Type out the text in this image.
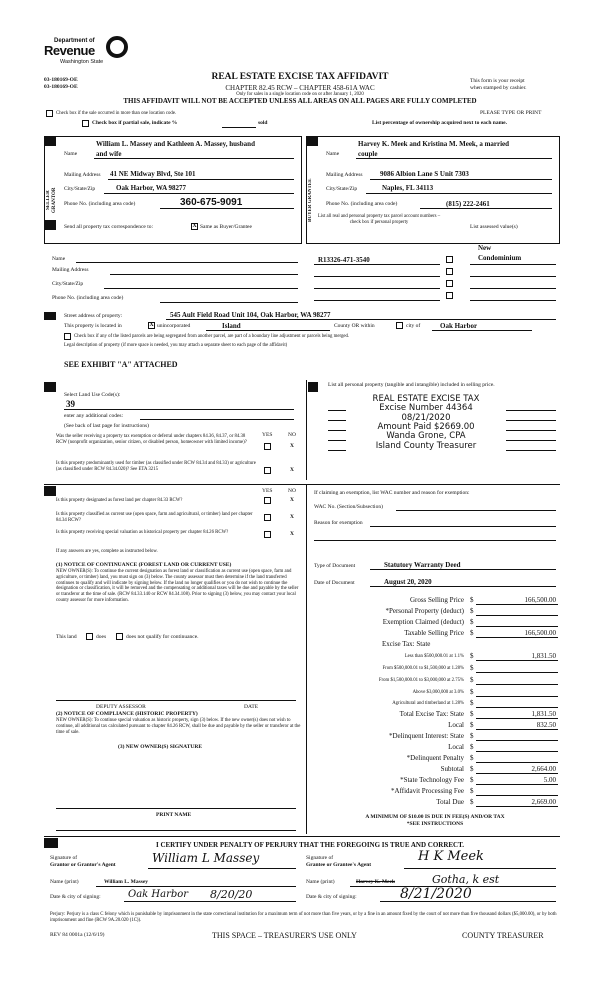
Department of
Revenue
Washington State
03-180169-OE
03-180169-OE
REAL ESTATE EXCISE TAX AFFIDAVIT
CHAPTER 82.45 RCW – CHAPTER 458-61A WAC
Only for sales in a single location code on or after January 1, 2020
THIS AFFIDAVIT WILL NOT BE ACCEPTED UNLESS ALL AREAS ON ALL PAGES ARE FULLY COMPLETED
This form is your receipt
when stamped by cashier.
Check box if the sale occurred in more than one location code.	PLEASE TYPE OR PRINT
Check box if partial sale, indicate %	sold	List percentage of ownership acquired next to each name.
SELLER GRANTOR	BUYER GRANTEE
Name
William L. Massey and Kathleen A. Massey, husband
and wife
Mailing Address 41 NE Midway Blvd, Ste 101
City/State/Zip	Oak Harbor, WA 98277
Phone No. (including area code)	360-675-9091
Name
Harvey K. Meek and Kristina M. Meek, a married
couple
Mailing Address 9086 Albion Lane S Unit 7303
City/State/Zip	Naples, FL 34113
Phone No. (including area code)	(815) 222-2461
Send all property tax correspondence to:	X Same as Buyer/Grantee
List all real and personal property tax parcel account numbers – check box if personal property
List assessed value(s)
Name
Mailing Address
City/State/Zip
Phone No. (including area code)
R13326-471-3540
New
Condominium
Street address of property:	545 Ault Field Road Unit 104, Oak Harbor, WA 98277
This property is located in	X unincorporated	Island	County OR within	city of	Oak Harbor
Check box if any of the listed parcels are being segregated from another parcel, are part of a boundary line adjustment or parcels being merged.
Legal description of property (if more space is needed, you may attach a separate sheet to each page of the affidavit)
SEE EXHIBIT "A" ATTACHED
Select Land Use Code(s):
39
enter any additional codes:
(See back of last page for instructions)
YES	NO
Was the seller receiving a property tax exemption or deferral under chapters 84.36, 84.37, or 84.38 RCW (nonprofit organization, senior citizen, or disabled person, homeowner with limited income)?
X
Is this property predominantly used for timber (as classified under RCW 84.34 and 84.33) or agriculture (as classified under RCW 84.34.020)? See ETA 3215	X
List all personal property (tangible and intangible) included in selling price.
REAL ESTATE EXCISE TAX
Excise Number 44364
08/21/2020
Amount Paid $2669.00
Wanda Grone, CPA
Island County Treasurer
YES	NO
Is this property designated as forest land per chapter 84.33 RCW?	X
Is this property classified as current use (open space, farm and agricultural, or timber) land per chapter 84.34 RCW?
X
Is this property receiving special valuation as historical property per chapter 84.26 RCW?	X
If any answers are yes, complete as instructed below.
(1) NOTICE OF CONTINUANCE (FOREST LAND OR CURRENT USE)
NEW OWNER(S): To continue the current designation as forest land or classification as current use (open space, farm and agriculture, or timber) land, you must sign on (3) below. The county assessor must then determine if the land transferred continues to qualify and will indicate by signing below. If the land no longer qualifies or you do not wish to continue the designation or classification, it will be removed and the compensating or additional taxes will be due and payable by the seller or transferor at the time of sale. (RCW 84.33.140 or RCW 84.34.108). Prior to signing (3) below, you may contact your local county assessor for more information.
This land	does	does not qualify for continuance.
DEPUTY ASSESSOR	DATE
(2) NOTICE OF COMPLIANCE (HISTORIC PROPERTY)
NEW OWNER(S): To continue special valuation as historic property, sign (3) below. If the new owner(s) does not wish to continue, all additional tax calculated pursuant to chapter 84.26 RCW, shall be due and payable by the seller or transferor at the time of sale.
(3) NEW OWNER(S) SIGNATURE
PRINT NAME
If claiming an exemption, list WAC number and reason for exemption:
WAC No. (Section/Subsection)
Reason for exemption
Type of Document	Statutory Warranty Deed
Date of Document	August 20, 2020
Gross Selling Price $	166,500.00
*Personal Property (deduct) $
Exemption Claimed (deduct) $
Taxable Selling Price $	166,500.00
Excise Tax: State
Less than $500,000.01 at 1.1% $	1,831.50
From $500,000.01 to $1,500,000 at 1.28% $
From $1,500,000.01 to $3,000,000 at 2.75% $
Above $3,000,000 at 3.0% $
Agricultural and timberland at 1.28% $
Total Excise Tax: State $	1,831.50
Local $	832.50
*Delinquent Interest: State $
Local $
*Delinquent Penalty $
Subtotal $	2,664.00
*State Technology Fee $	5.00
*Affidavit Processing Fee $
Total Due $	2,669.00
A MINIMUM OF $10.00 IS DUE IN FEE(S) AND/OR TAX
*SEE INSTRUCTIONS
I CERTIFY UNDER PENALTY OF PERJURY THAT THE FOREGOING IS TRUE AND CORRECT.
Signature of
Grantor or Grantor's Agent	William L Massey
Name (print)	William L. Massey
Date & city of signing:	Oak Harbor 8/20/20
Signature of
Grantee or Grantee's Agent
H K Meek
Name (print)	Harvey K. Meek	Gotha, k est
Date & city of signing:	8/21/2020
Perjury: Perjury is a class C felony which is punishable by imprisonment in the state correctional institution for a maximum term of not more than five years, or by a fine in an amount fixed by the court of not more than five thousand dollars ($5,000.00), or by both imprisonment and fine (RCW 9A.20.020 (1C)).
REV 84 0001a (12/6/19)	THIS SPACE – TREASURER'S USE ONLY	COUNTY TREASURER
